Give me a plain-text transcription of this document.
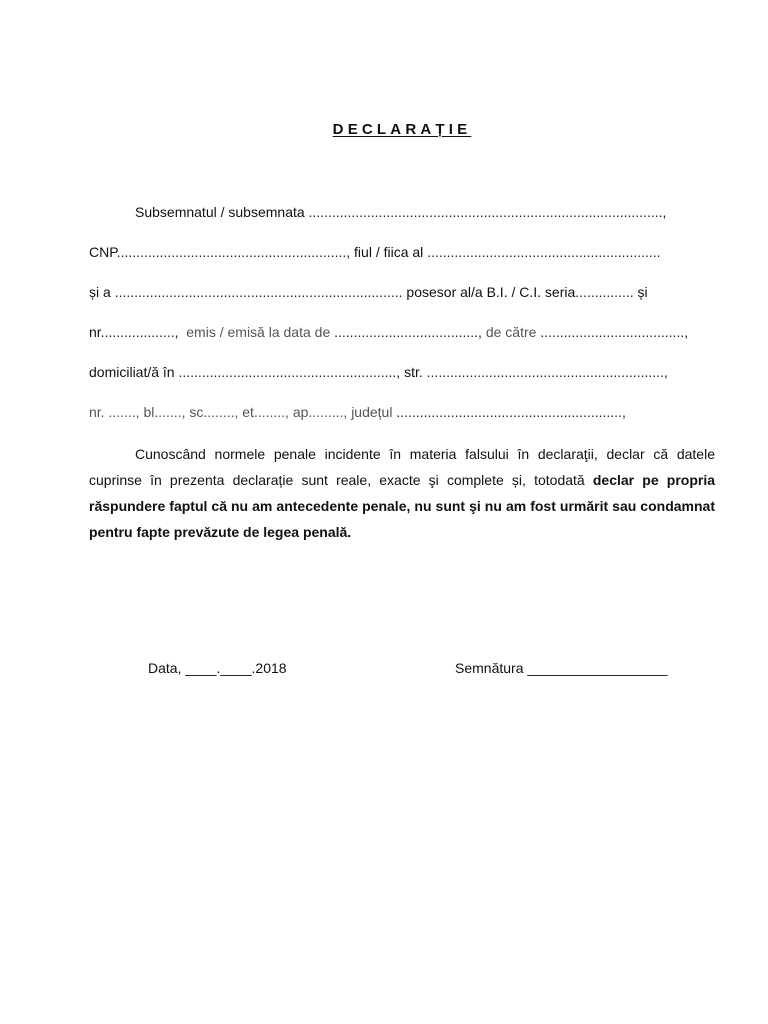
DECLARAȚIE
Subsemnatul / subsemnata ...........................................................................................,
CNP..........................................................., fiul / fiica al ............................................................
și a .......................................................................... posesor al/a B.I. / C.I. seria............... și
nr..................., emis / emisă la data de ....................................., de către .....................................,
domiciliat/ă în ........................................................, str. .............................................................,
nr. ......., bl......., sc........, et........, ap........., județul ..........................................................,
Cunoscând normele penale incidente în materia falsului în declaraţii, declar că datele cuprinse în prezenta declarație sunt reale, exacte şi complete și, totodată declar pe propria răspundere faptul că nu am antecedente penale, nu sunt şi nu am fost urmărit sau condamnat pentru fapte prevăzute de legea penală.
Data, ____.____.2018	Semnătura __________________
